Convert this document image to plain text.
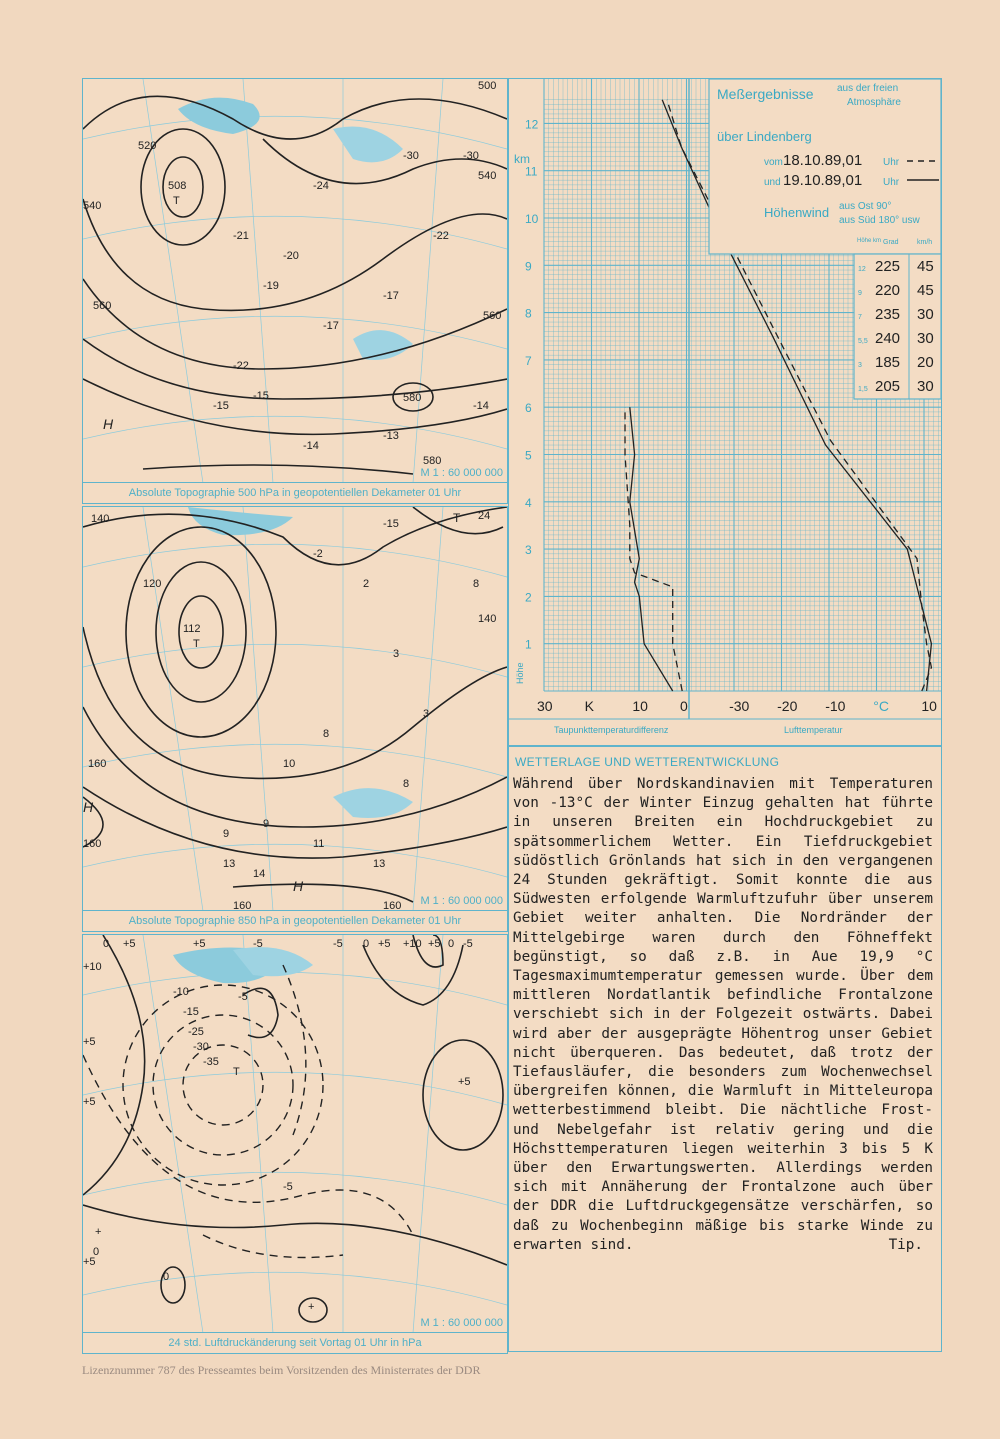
508
T
520
540
560
540
560
500
580
580
H
-21
-20
-19
-17
-17
-22
-15
-15
-14
-13
-14
-30
-30
-24
-22
M 1 : 60 000 000
Absolute Topographie 500 hPa in geopotentiellen Dekameter 01 Uhr
140
120
112
T
140
160
160
160	160
H
H
T 24
-15
-2
2	8
3
8
10
3
8
9
9
11
14
13	13
M 1 : 60 000 000
Absolute Topographie 850 hPa in geopotentiellen Dekameter 01 Uhr
0 +5	+5	-5	-5 0 +5 +10 +5 0 -5
+10
+5
+5
-10
-15
-25
-30
-35
T
-5
-5
+5
+5
0
+
+
0
M 1 : 60 000 000
24 std. Luftdruckänderung seit Vortag 01 Uhr in hPa
Meßergebnisse aus der freien
Atmosphäre
über Lindenberg
vom 18.10.89,01 Uhr
und 19.10.89,01 Uhr
Höhenwind aus Ost 90°
aus Süd 180° usw
Höhe km Grad	km/h
12 225 45
9 220 45
7 235 30
5,5 240 30
3 185 20
1,5 205 30
km
1
2
3
4
5
6
7
8
9
10
11
12
Höhe
30 K	10 0	-30 -20 -10 °C 10
Taupunkttemperaturdifferenz	Lufttemperatur
WETTERLAGE UND WETTERENTWICKLUNG
Während über Nordskandinavien mit Temperaturen von -13°C der Winter Einzug gehalten hat führte in unseren Breiten ein Hochdruckgebiet zu spätsommerlichem Wetter. Ein Tiefdruckgebiet südöstlich Grönlands hat sich in den vergangenen 24 Stunden gekräftigt. Somit konnte die aus Südwesten erfolgende Warmluftzufuhr über unserem Gebiet weiter anhalten. Die Nordränder der Mittelgebirge waren durch den Föhneffekt begünstigt, so daß z.B. in Aue 19,9 °C Tagesmaximumtemperatur gemessen wurde. Über dem mittleren Nordatlantik befindliche Frontalzone verschiebt sich in der Folgezeit ostwärts. Dabei wird aber der ausgeprägte Höhentrog unser Gebiet nicht überqueren. Das bedeutet, daß trotz der Tiefausläufer, die besonders zum Wochenwechsel übergreifen können, die Warmluft in Mitteleuropa wetterbestimmend bleibt. Die nächtliche Frost- und Nebelgefahr ist relativ gering und die Höchsttemperaturen liegen weiterhin 3 bis 5 K über den Erwartungswerten. Allerdings werden sich mit Annäherung der Frontalzone auch über der DDR die Luftdruckgegensätze verschärfen, so daß zu Wochenbeginn mäßige bis starke Winde zu erwarten sind.	Tip.
Lizenznummer 787 des Presseamtes beim Vorsitzenden des Ministerrates der DDR
